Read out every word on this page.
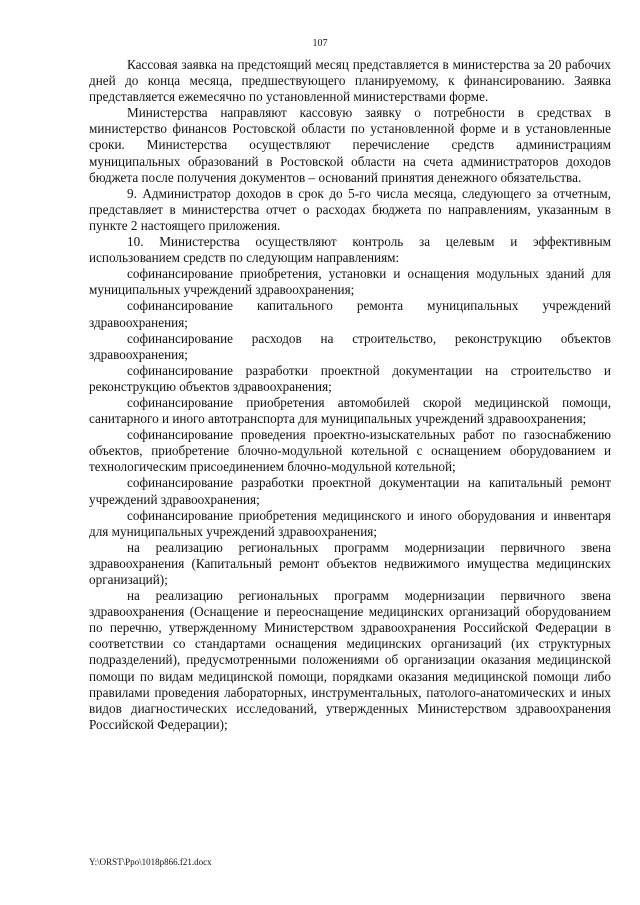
107

Кассовая заявка на предстоящий месяц представляется в министерства за 20 рабочих дней до конца месяца, предшествующего планируемому, к финансированию. Заявка представляется ежемесячно по установленной министерствами форме.

Министерства направляют кассовую заявку о потребности в средствах в министерство финансов Ростовской области по установленной форме и в установленные сроки. Министерства осуществляют перечисление средств администрациям муниципальных образований в Ростовской области на счета администраторов доходов бюджета после получения документов – оснований принятия денежного обязательства.

9. Администратор доходов в срок до 5-го числа месяца, следующего за отчетным, представляет в министерства отчет о расходах бюджета по направлениям, указанным в пункте 2 настоящего приложения.

10. Министерства осуществляют контроль за целевым и эффективным использованием средств по следующим направлениям:

софинансирование приобретения, установки и оснащения модульных зданий для муниципальных учреждений здравоохранения;

софинансирование капитального ремонта муниципальных учреждений здравоохранения;

софинансирование расходов на строительство, реконструкцию объектов здравоохранения;

софинансирование разработки проектной документации на строительство и реконструкцию объектов здравоохранения;

софинансирование приобретения автомобилей скорой медицинской помощи, санитарного и иного автотранспорта для муниципальных учреждений здравоохранения;

софинансирование проведения проектно-изыскательных работ по газоснабжению объектов, приобретение блочно-модульной котельной с оснащением оборудованием и технологическим присоединением блочно-модульной котельной;

софинансирование разработки проектной документации на капитальный ремонт учреждений здравоохранения;

софинансирование приобретения медицинского и иного оборудования и инвентаря для муниципальных учреждений здравоохранения;

на реализацию региональных программ модернизации первичного звена здравоохранения (Капитальный ремонт объектов недвижимого имущества медицинских организаций);

на реализацию региональных программ модернизации первичного звена здравоохранения (Оснащение и переоснащение медицинских организаций оборудованием по перечню, утвержденному Министерством здравоохранения Российской Федерации в соответствии со стандартами оснащения медицинских организаций (их структурных подразделений), предусмотренными положениями об организации оказания медицинской помощи по видам медицинской помощи, порядками оказания медицинской помощи либо правилами проведения лабораторных, инструментальных, патолого-анатомических и иных видов диагностических исследований, утвержденных Министерством здравоохранения Российской Федерации);

Y:\ORST\Ppo\1018p866.f21.docx
